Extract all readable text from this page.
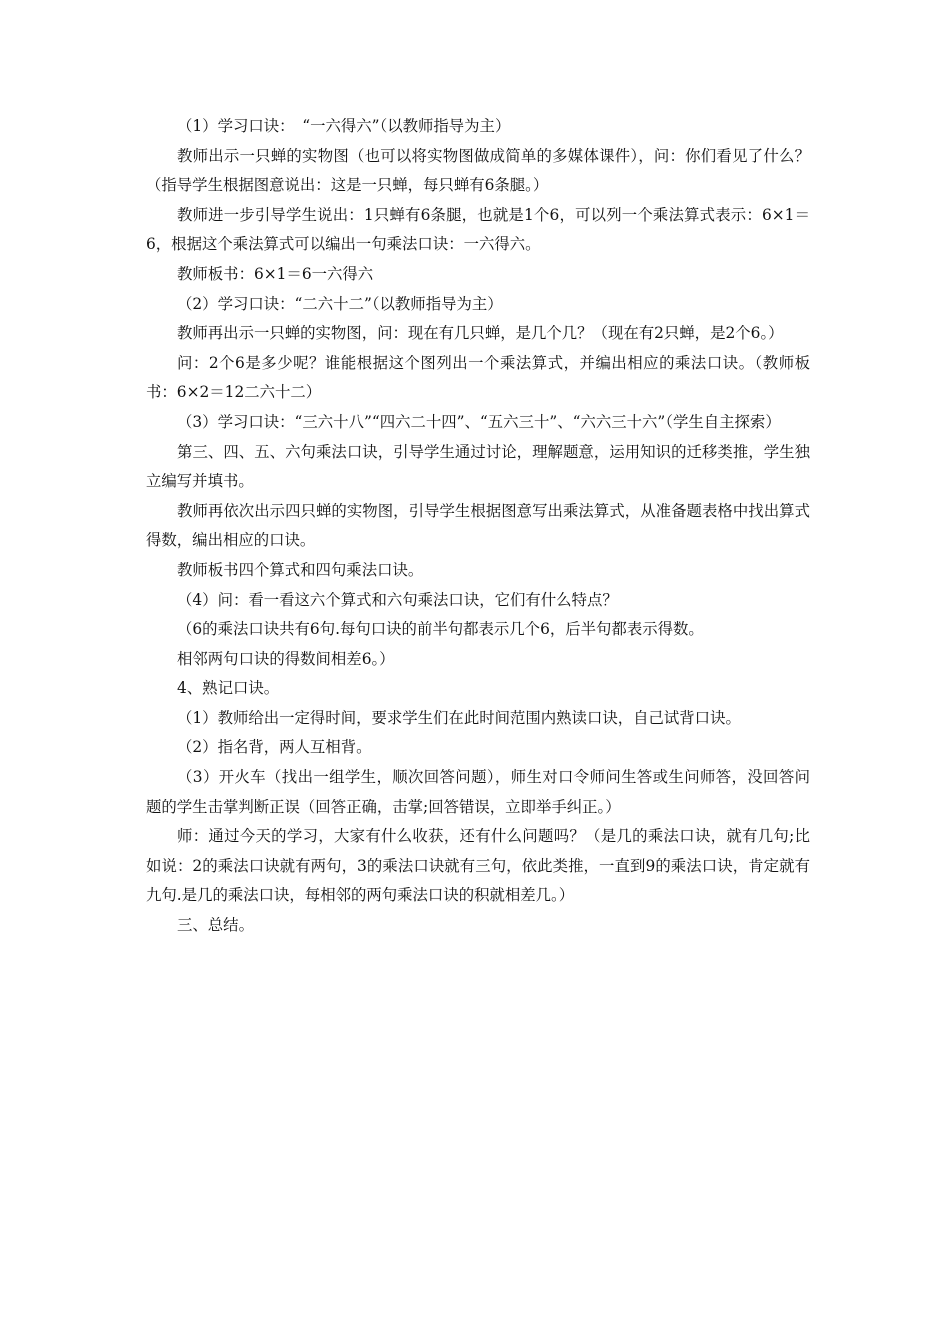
（1）学习口诀：　“一六得六”（以教师指导为主）

教师出示一只蝉的实物图（也可以将实物图做成简单的多媒体课件），问：你们看见了什么？（指导学生根据图意说出：这是一只蝉，每只蝉有6条腿。）

教师进一步引导学生说出：1只蝉有6条腿，也就是1个6，可以列一个乘法算式表示：6×1＝6，根据这个乘法算式可以编出一句乘法口诀：一六得六。

教师板书：6×1＝6一六得六

（2）学习口诀：“二六十二”（以教师指导为主）

教师再出示一只蝉的实物图，问：现在有几只蝉，是几个几？（现在有2只蝉，是2个6。）

问：2个6是多少呢？谁能根据这个图列出一个乘法算式，并编出相应的乘法口诀。（教师板书：6×2＝12二六十二）

（3）学习口诀：“三六十八”“四六二十四”、“五六三十”、“六六三十六”（学生自主探索）

第三、四、五、六句乘法口诀，引导学生通过讨论，理解题意，运用知识的迁移类推，学生独立编写并填书。

教师再依次出示四只蝉的实物图，引导学生根据图意写出乘法算式，从准备题表格中找出算式得数，编出相应的口诀。

教师板书四个算式和四句乘法口诀。

（4）问：看一看这六个算式和六句乘法口诀，它们有什么特点？

（6的乘法口诀共有6句.每句口诀的前半句都表示几个6，后半句都表示得数。

相邻两句口诀的得数间相差6。）

4、熟记口诀。

（1）教师给出一定得时间，要求学生们在此时间范围内熟读口诀，自己试背口诀。

（2）指名背，两人互相背。

（3）开火车（找出一组学生，顺次回答问题），师生对口令师问生答或生问师答，没回答问题的学生击掌判断正误（回答正确，击掌;回答错误，立即举手纠正。）

师：通过今天的学习，大家有什么收获，还有什么问题吗？（是几的乘法口诀，就有几句;比如说：2的乘法口诀就有两句，3的乘法口诀就有三句，依此类推，一直到9的乘法口诀，肯定就有九句.是几的乘法口诀，每相邻的两句乘法口诀的积就相差几。）

三、总结。
